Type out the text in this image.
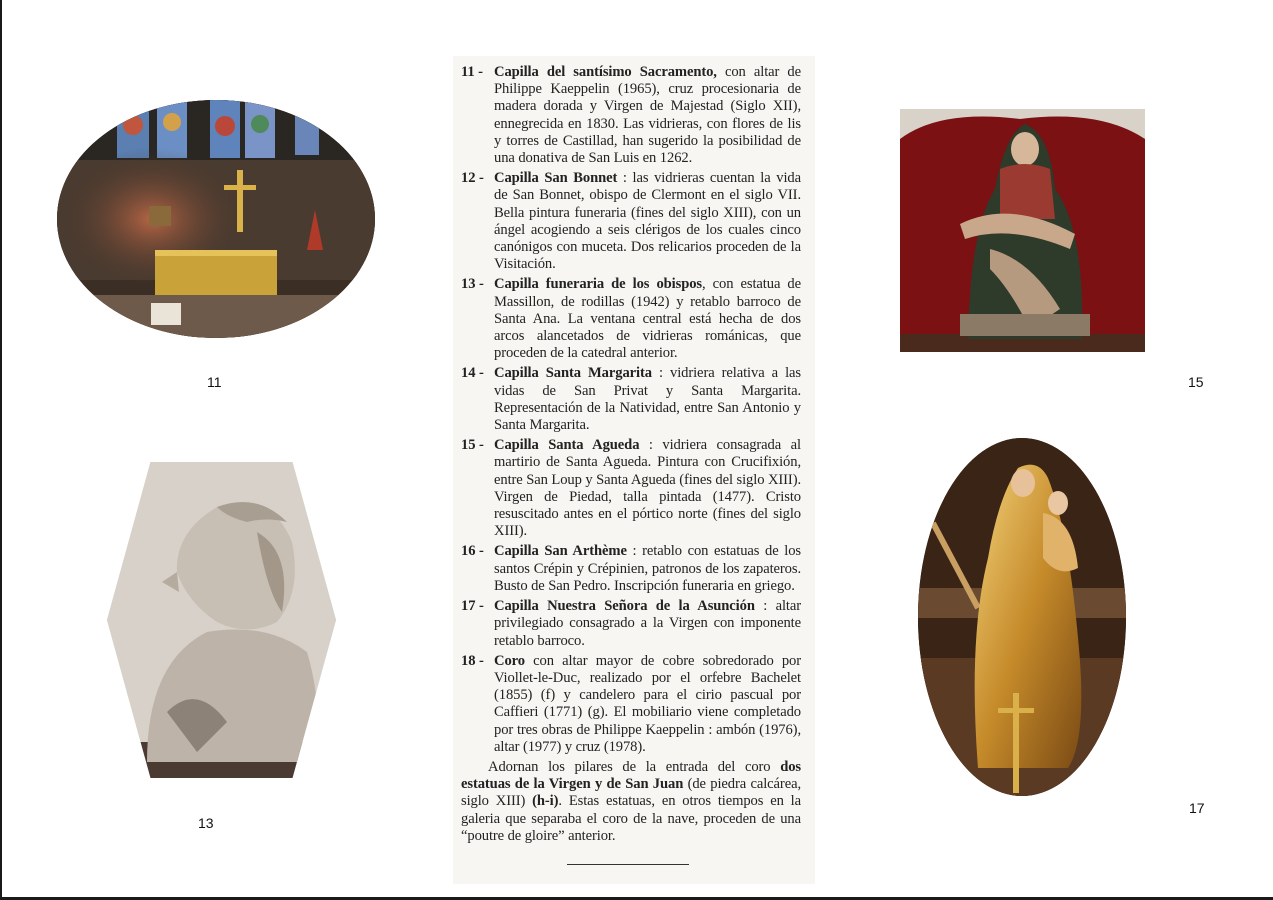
11	15
13
17
11 - Capilla del santísimo Sacramento, con altar de Philippe Kaeppelin (1965), cruz procesionaria de madera dorada y Virgen de Majestad (Siglo XII), ennegrecida en 1830. Las vidrieras, con flores de lis y torres de Castillad, han sugerido la posibilidad de una donativa de San Luis en 1262.
12 - Capilla San Bonnet : las vidrieras cuentan la vida de San Bonnet, obispo de Clermont en el siglo VII. Bella pintura funeraria (fines del siglo XIII), con un ángel acogiendo a seis clérigos de los cuales cinco canónigos con muceta. Dos relicarios proceden de la Visitación.
13 - Capilla funeraria de los obispos, con estatua de Massillon, de rodillas (1942) y retablo barroco de Santa Ana. La ventana central está hecha de dos arcos alancetados de vidrieras románicas, que proceden de la catedral anterior.
14 - Capilla Santa Margarita : vidriera relativa a las vidas de San Privat y Santa Margarita. Representación de la Natividad, entre San Antonio y Santa Margarita.
15 - Capilla Santa Agueda : vidriera consagrada al martirio de Santa Agueda. Pintura con Crucifixión, entre San Loup y Santa Agueda (fines del siglo XIII). Virgen de Piedad, talla pintada (1477). Cristo resuscitado antes en el pórtico norte (fines del siglo XIII).
16 - Capilla San Arthème : retablo con estatuas de los santos Crépin y Crépinien, patronos de los zapateros. Busto de San Pedro. Inscripción funeraria en griego.
17 - Capilla Nuestra Señora de la Asunción : altar privilegiado consagrado a la Virgen con imponente retablo barroco.
18 - Coro con altar mayor de cobre sobredorado por Viollet-le-Duc, realizado por el orfebre Bachelet (1855) (f) y candelero para el cirio pascual por Caffieri (1771) (g). El mobiliario viene completado por tres obras de Philippe Kaeppelin : ambón (1976), altar (1977) y cruz (1978).
Adornan los pilares de la entrada del coro dos estatuas de la Virgen y de San Juan (de piedra calcárea, siglo XIII) (h-i). Estas estatuas, en otros tiempos en la galeria que separaba el coro de la nave, proceden de una “poutre de gloire” anterior.
